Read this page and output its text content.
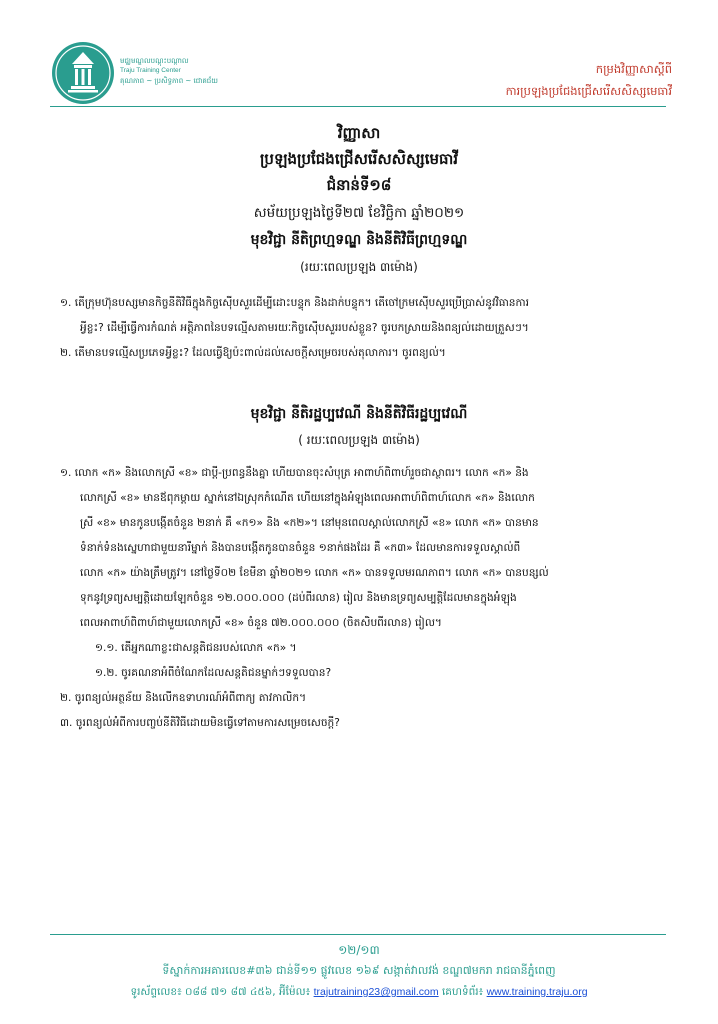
មជ្ឈមណ្ឌលបណ្ដុះបណ្ដាល
Traju Training Center
គុណភាព ~ ប្រសិទ្ធភាព ~ ជោគជ័យ
កម្រងវិញ្ញាសាស្ដីពី
ការប្រឡងប្រជែងជ្រើសរើសសិស្សមេធាវី
វិញ្ញាសា
ប្រឡងប្រជែងជ្រើសរើសសិស្សមេធាវី
ជំនាន់ទី១៨
សម័យប្រឡងថ្ងៃទី២៧ ខែវិច្ឆិកា ឆ្នាំ២០២១
មុខវិជ្ជា នីតិព្រហ្មទណ្ឌ និងនីតិវិធីព្រហ្មទណ្ឌ
(រយៈពេលប្រឡង ៣ម៉ោង)
១. តើក្រុមហ៊ុនបស្ស​មានកិច្ចនីតិវិធីក្នុងកិច្ចស៊ើបសួរដើម្បីដោះបន្ទុក និងដាក់បន្ទុក។ តើចៅក្រមស៊ើបសួរប្រើប្រាស់នូវវិធានការ
អ្វីខ្លះ? ដើម្បីធ្វើការកំណត់ អត្តិភាពនៃបទល្មើសតាមរយៈកិច្ចស៊ើបសួររបស់ខ្លួន? ចូរបកស្រាយនិងពន្យល់ដោយត្រួសៗ។
២. តើមានបទល្មើសប្រភេទអ្វីខ្លះ? ដែលធ្វើឱ្យប៉ះពាល់ដល់សេចក្ដីសម្រេចរបស់តុលាការ។ ចូរពន្យល់។
មុខវិជ្ជា នីតិរដ្ឋប្បវេណី និងនីតិវិធីរដ្ឋប្បវេណី
( រយៈពេលប្រឡង ៣ម៉ោង)
១. លោក «ក» និងលោកស្រី «ខ» ជាប្ដី-ប្រពន្ធនឹងគ្នា ហើយបានចុះសំបុត្រ អាពាហ៍ពិពាហ៍រួចជាស្ថាពរ។ លោក «ក» និង
លោកស្រី «ខ» មានឪពុកម្ដាយ ស្នាក់នៅឯស្រុកកំណើត ហើយនៅក្នុងអំឡុងពេលអាពាហ៍ពិពាហ៍លោក «ក» និងលោក
ស្រី «ខ» មានកូនបង្កើតចំនួន ២នាក់ គឺ «ក១» និង «ក២»។ នៅមុនពេលស្គាល់លោកស្រី «ខ» លោក «ក» បានមាន
ទំនាក់ទំនងស្នេហាជាមួយនារីម្នាក់ និងបានបង្កើតកូនបានចំនួន ១នាក់ផងដែរ គឺ «ក៣» ដែលមានការទទួលស្គាល់ពី
លោក «ក» យ៉ាងត្រឹមត្រូវ។ នៅថ្ងៃទី០២ ខែមីនា ឆ្នាំ២០២១ លោក «ក» បានទទួលមរណភាព។ លោក «ក» បានបន្សល់
ទុកនូវទ្រព្យសម្បត្តិដោយឡែកចំនួន ១២.០០០.០០០ (ដប់ពីរលាន) រៀល និងមានទ្រព្យសម្បត្តិដែលមានក្នុងអំឡុង
ពេលអាពាហ៍ពិពាហ៍ជាមួយលោកស្រី «ខ» ចំនួន ៧២.០០០.០០០ (ចិតសិបពីរលាន) រៀល។
១.១. តើអ្នកណាខ្លះជាសន្តតិជនរបស់លោក «ក» ។
១.២. ចូរគណនាអំពីចំណែកដែលសន្តតិជនម្នាក់ៗទទួលបាន?
២. ចូរពន្យល់អត្ថន័យ និងលើកឧទាហរណ៍អំពីពាក្យ តាវកាលិក។
៣. ចូរពន្យល់អំពីការបញ្ចប់នីតិវិធីដោយមិនធ្វើទៅតាមការសម្រេចសេចក្ដី?
១២/១៣
ទីស្នាក់ការអគារលេខ#៣៦ ជាន់ទី១១ ផ្លូវលេខ ១៦៩ សង្កាត់វាលវង់ ខណ្ឌ៧មករា រាជធានីភ្នំពេញ
ទូរស័ព្ទលេខ៖ ០៨៨ ៧១ ៨៧ ៤៥៦, អ៊ីម៉ែល៖ trajutraining23@gmail.com គេហទំព័រ៖ www.training.traju.org
